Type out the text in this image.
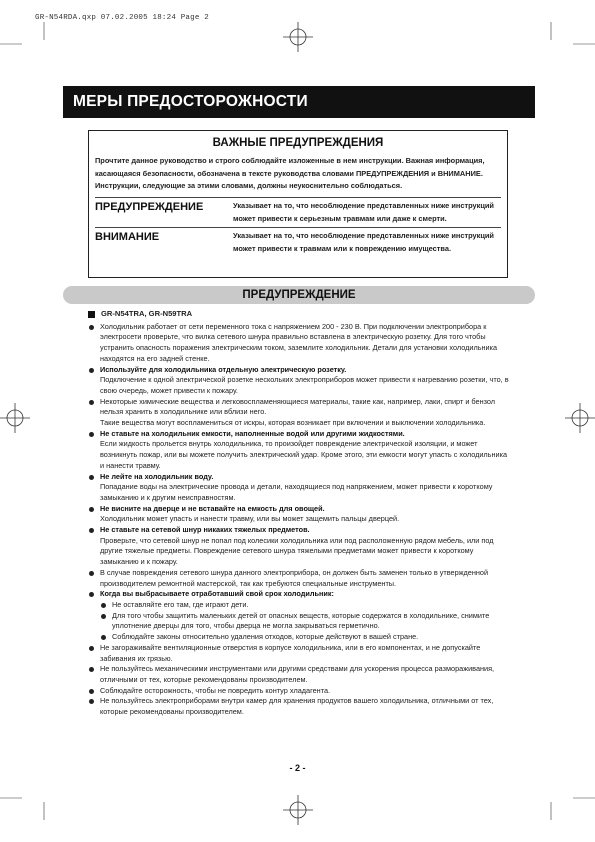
GR-N54RDA.qxp 07.02.2005 18:24 Page 2
МЕРЫ ПРЕДОСТОРОЖНОСТИ
ВАЖНЫЕ ПРЕДУПРЕЖДЕНИЯ

Прочтите данное руководство и строго соблюдайте изложенные в нем инструкции. Важная информация, касающаяся безопасности, обозначена в тексте руководства словами ПРЕДУПРЕЖДЕНИЯ и ВНИМАНИЕ. Инструкции, следующие за этими словами, должны неукоснительно соблюдаться.

ПРЕДУПРЕЖДЕНИЕ	Указывает на то, что несоблюдение представленных ниже инструкций может привести к серьезным травмам или даже к смерти.
ВНИМАНИЕ	Указывает на то, что несоблюдение представленных ниже инструкций может привести к травмам или к повреждению имущества.
ПРЕДУПРЕЖДЕНИЕ
GR-N54TRA, GR-N59TRA
Холодильник работает от сети переменного тока с напряжением 200 - 230 В. При подключении электроприбора к электросети проверьте, что вилка сетевого шнура правильно вставлена в электрическую розетку. Для того чтобы устранить опасность поражения электрическим током, заземлите холодильник. Детали для установки холодильника находятся на его задней стенке.
Используйте для холодильника отдельную электрическую розетку.
Подключение к одной электрической розетке нескольких электроприборов может привести к нагреванию розетки, что, в свою очередь, может привести к пожару.
Некоторые химические вещества и легковоспламеняющиеся материалы, такие как, например, лаки, спирт и бензол нельзя хранить в холодильнике или вблизи него.
Такие вещества могут воспламениться от искры, которая возникает при включении и выключении холодильника.
Не ставьте на холодильник емкости, наполненные водой или другими жидкостями.
Если жидкость прольется внутрь холодильника, то произойдет повреждение электрической изоляции, и может возникнуть пожар, или вы можете получить электрический удар. Кроме этого, эти емкости могут упасть с холодильника и нанести травму.
Не лейте на холодильник воду.
Попадание воды на электрические провода и детали, находящиеся под напряжением, может привести к короткому замыканию и к другим неисправностям.
Не висните на дверце и не вставайте на емкость для овощей.
Холодильник может упасть и нанести травму, или вы может защемить пальцы дверцей.
Не ставьте на сетевой шнур никаких тяжелых предметов.
Проверьте, что сетевой шнур не попал под колесики холодильника или под расположенную рядом мебель, или под другие тяжелые предметы. Повреждение сетевого шнура тяжелыми предметами может привести к короткому замыканию и к пожару.
В случае повреждения сетевого шнура данного электроприбора, он должен быть заменен только в утвержденной производителем ремонтной мастерской, так как требуются специальные инструменты.
Когда вы выбрасываете отработавший свой срок холодильник:
Не оставляйте его там, где играют дети.
Для того чтобы защитить маленьких детей от опасных веществ, которые содержатся в холодильнике, снимите уплотнение дверцы для того, чтобы дверца не могла закрываться герметично.
Соблюдайте законы относительно удаления отходов, которые действуют в вашей стране.
Не загораживайте вентиляционные отверстия в корпусе холодильника, или в его компонентах, и не допускайте забивания их грязью.
Не пользуйтесь механическими инструментами или другими средствами для ускорения процесса размораживания, отличными от тех, которые рекомендованы производителем.
Соблюдайте осторожность, чтобы не повредить контур хладагента.
Не пользуйтесь электроприборами внутри камер для хранения продуктов вашего холодильника, отличными от тех, которые рекомендованы производителем.
- 2 -
